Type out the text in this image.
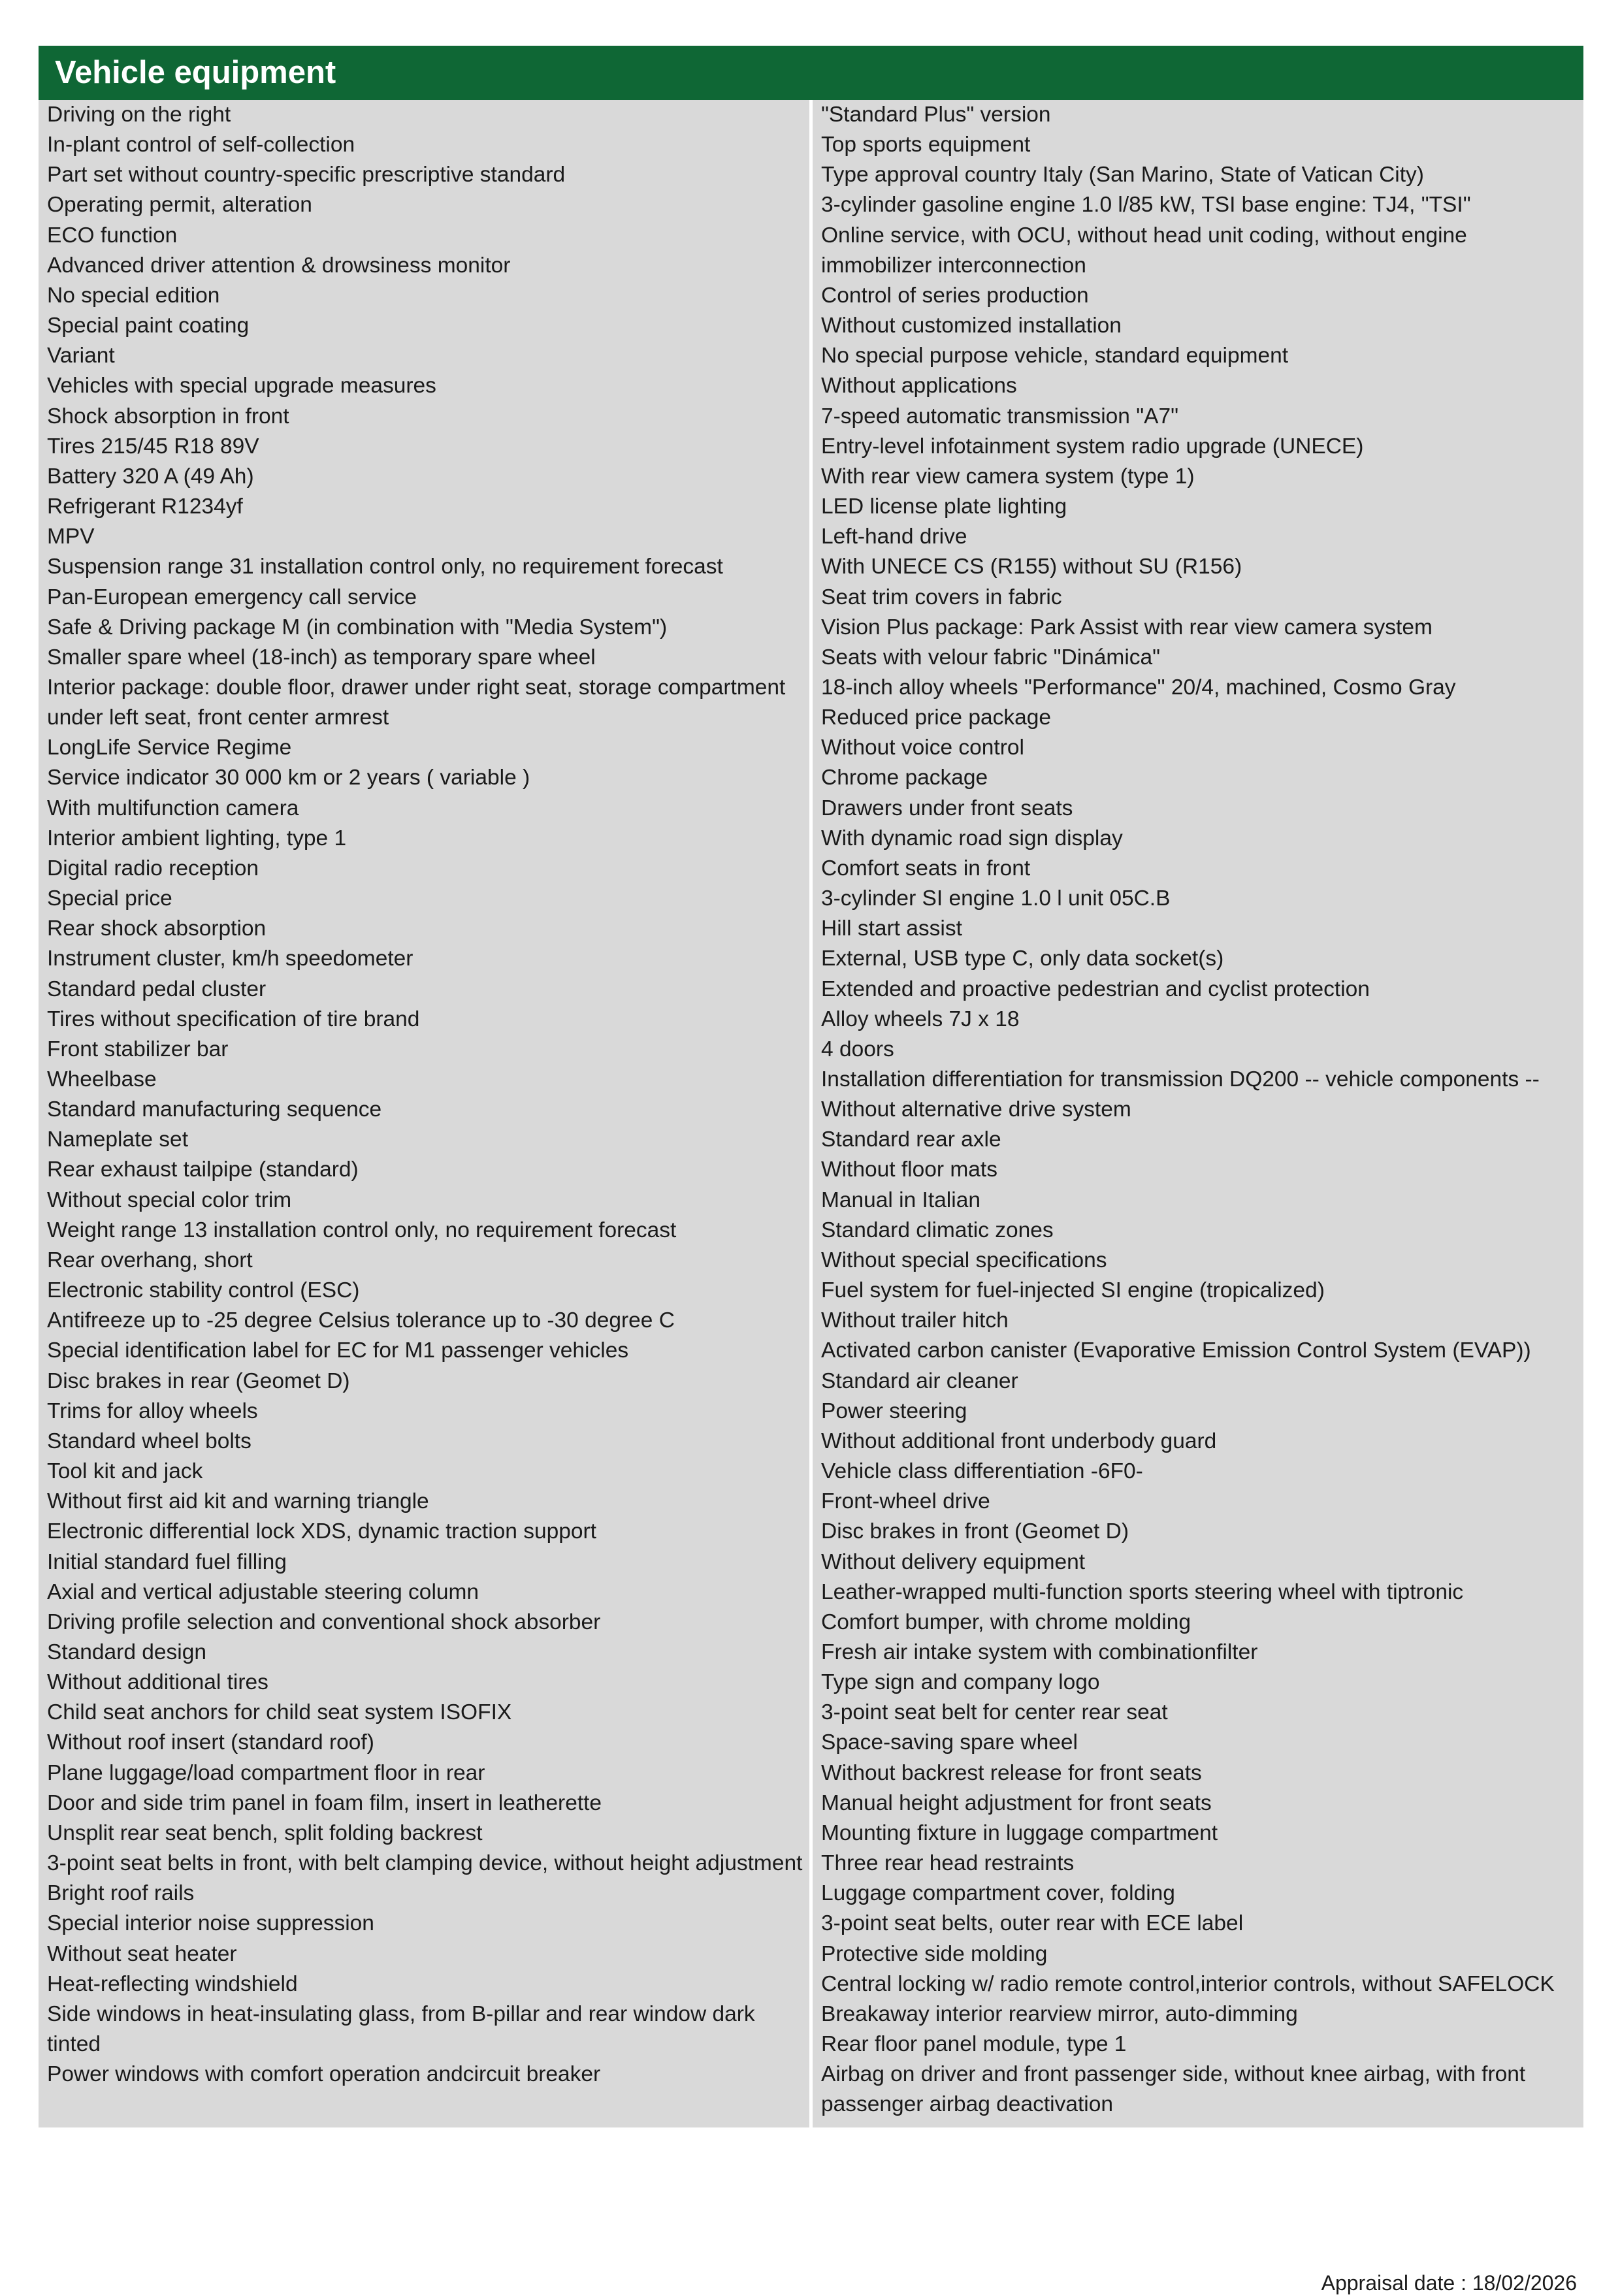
Vehicle equipment
Driving on the right
In-plant control of self-collection
Part set without country-specific prescriptive standard
Operating permit, alteration
ECO function
Advanced driver attention & drowsiness monitor
No special edition
Special paint coating
Variant
Vehicles with special upgrade measures
Shock absorption in front
Tires 215/45 R18 89V
Battery 320 A (49 Ah)
Refrigerant R1234yf
MPV
Suspension range 31 installation control only, no requirement forecast
Pan-European emergency call service
Safe & Driving package M (in combination with "Media System")
Smaller spare wheel (18-inch) as temporary spare wheel
Interior package: double floor, drawer under right seat, storage compartment under left seat, front center armrest
LongLife Service Regime
Service indicator 30 000 km or 2 years ( variable )
With multifunction camera
Interior ambient lighting, type 1
Digital radio reception
Special price
Rear shock absorption
Instrument cluster, km/h speedometer
Standard pedal cluster
Tires without specification of tire brand
Front stabilizer bar
Wheelbase
Standard manufacturing sequence
Nameplate set
Rear exhaust tailpipe (standard)
Without special color trim
Weight range 13 installation control only, no requirement forecast
Rear overhang, short
Electronic stability control (ESC)
Antifreeze up to -25 degree Celsius tolerance up to -30 degree C
Special identification label for EC for M1 passenger vehicles
Disc brakes in rear (Geomet D)
Trims for alloy wheels
Standard wheel bolts
Tool kit and jack
Without first aid kit and warning triangle
Electronic differential lock XDS, dynamic traction support
Initial standard fuel filling
Axial and vertical adjustable steering column
Driving profile selection and conventional shock absorber
Standard design
Without additional tires
Child seat anchors for child seat system ISOFIX
Without roof insert (standard roof)
Plane luggage/load compartment floor in rear
Door and side trim panel in foam film, insert in leatherette
Unsplit rear seat bench, split folding backrest
3-point seat belts in front, with belt clamping device, without height adjustment
Bright roof rails
Special interior noise suppression
Without seat heater
Heat-reflecting windshield
Side windows in heat-insulating glass, from B-pillar and rear window dark tinted
Power windows with comfort operation andcircuit breaker
"Standard Plus" version
Top sports equipment
Type approval country Italy (San Marino, State of Vatican City)
3-cylinder gasoline engine 1.0 l/85 kW, TSI base engine: TJ4, "TSI"
Online service, with OCU, without head unit coding, without engine immobilizer interconnection
Control of series production
Without customized installation
No special purpose vehicle, standard equipment
Without applications
7-speed automatic transmission "A7"
Entry-level infotainment system radio upgrade (UNECE)
With rear view camera system (type 1)
LED license plate lighting
Left-hand drive
With UNECE CS (R155) without SU (R156)
Seat trim covers in fabric
Vision Plus package: Park Assist with rear view camera system
Seats with velour fabric "Dinámica"
18-inch alloy wheels "Performance" 20/4, machined, Cosmo Gray
Reduced price package
Without voice control
Chrome package
Drawers under front seats
With dynamic road sign display
Comfort seats in front
3-cylinder SI engine 1.0 l unit 05C.B
Hill start assist
External, USB type C, only data socket(s)
Extended and proactive pedestrian and cyclist protection
Alloy wheels 7J x 18
4 doors
Installation differentiation for transmission DQ200 -- vehicle components --
Without alternative drive system
Standard rear axle
Without floor mats
Manual in Italian
Standard climatic zones
Without special specifications
Fuel system for fuel-injected SI engine (tropicalized)
Without trailer hitch
Activated carbon canister (Evaporative Emission Control System (EVAP))
Standard air cleaner
Power steering
Without additional front underbody guard
Vehicle class differentiation -6F0-
Front-wheel drive
Disc brakes in front (Geomet D)
Without delivery equipment
Leather-wrapped multi-function sports steering wheel with tiptronic
Comfort bumper, with chrome molding
Fresh air intake system with combinationfilter
Type sign and company logo
3-point seat belt for center rear seat
Space-saving spare wheel
Without backrest release for front seats
Manual height adjustment for front seats
Mounting fixture in luggage compartment
Three rear head restraints
Luggage compartment cover, folding
3-point seat belts, outer rear with ECE label
Protective side molding
Central locking w/ radio remote control,interior controls, without SAFELOCK
Breakaway interior rearview mirror, auto-dimming
Rear floor panel module, type 1
Airbag on driver and front passenger side, without knee airbag, with front passenger airbag deactivation
Appraisal date : 18/02/2026
